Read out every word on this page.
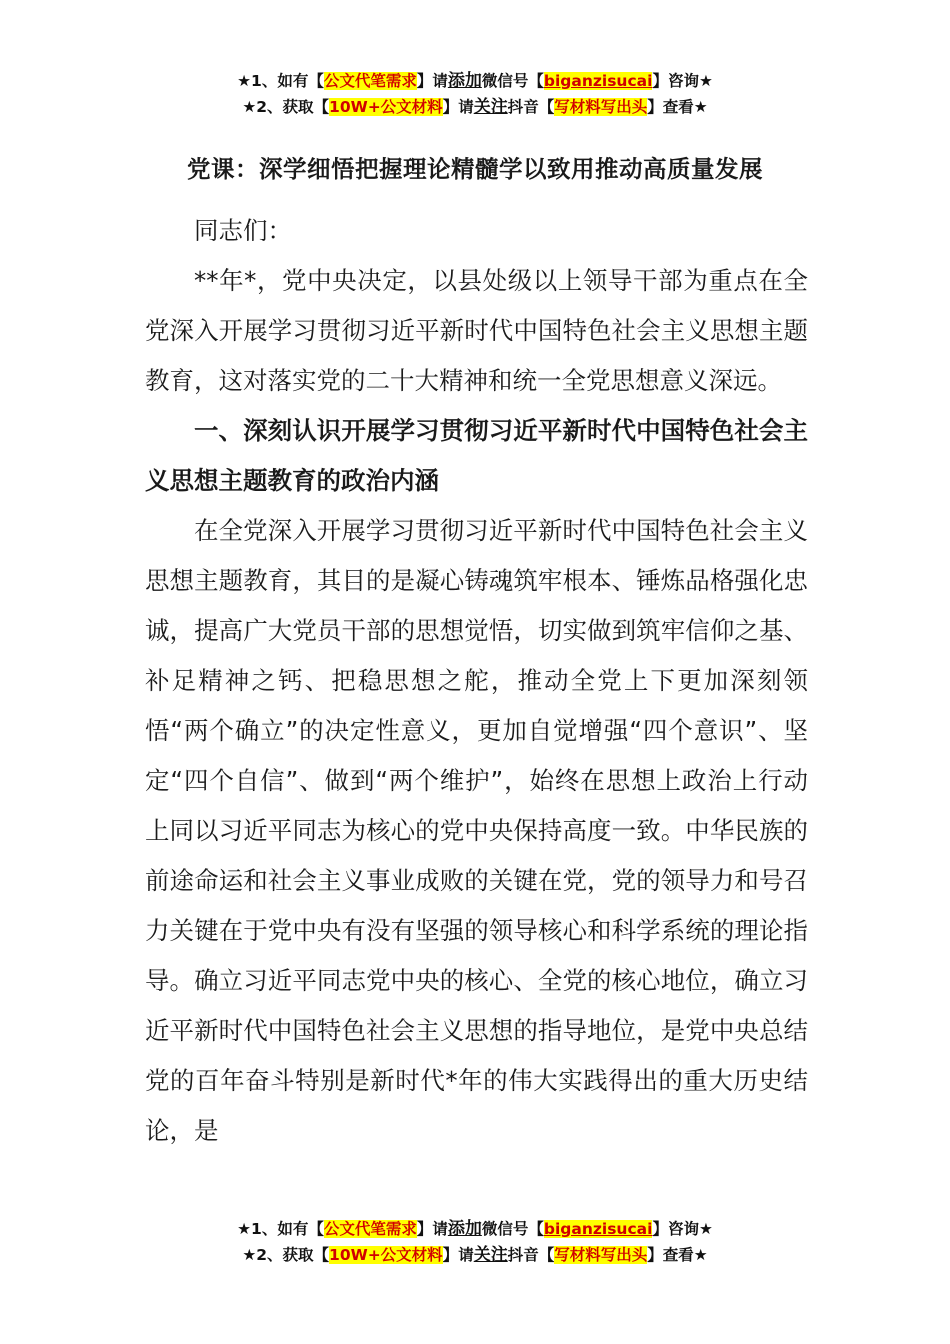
★1、如有【公文代笔需求】请添加微信号【biganzisucai】咨询★
★2、获取【10W+公文材料】请关注抖音【写材料写出头】查看★
党课：深学细悟把握理论精髓学以致用推动高质量发展

同志们：

**年*，党中央决定，以县处级以上领导干部为重点在全党深入开展学习贯彻习近平新时代中国特色社会主义思想主题教育，这对落实党的二十大精神和统一全党思想意义深远。

一、深刻认识开展学习贯彻习近平新时代中国特色社会主义思想主题教育的政治内涵

在全党深入开展学习贯彻习近平新时代中国特色社会主义思想主题教育，其目的是凝心铸魂筑牢根本、锤炼品格强化忠诚，提高广大党员干部的思想觉悟，切实做到筑牢信仰之基、补足精神之钙、把稳思想之舵，推动全党上下更加深刻领悟“两个确立”的决定性意义，更加自觉增强“四个意识”、坚定“四个自信”、做到“两个维护”，始终在思想上政治上行动上同以习近平同志为核心的党中央保持高度一致。中华民族的前途命运和社会主义事业成败的关键在党，党的领导力和号召力关键在于党中央有没有坚强的领导核心和科学系统的理论指导。确立习近平同志党中央的核心、全党的核心地位，确立习近平新时代中国特色社会主义思想的指导地位，是党中央总结党的百年奋斗特别是新时代*年的伟大实践得出的重大历史结论，是

★1、如有【公文代笔需求】请添加微信号【biganzisucai】咨询★
★2、获取【10W+公文材料】请关注抖音【写材料写出头】查看★
